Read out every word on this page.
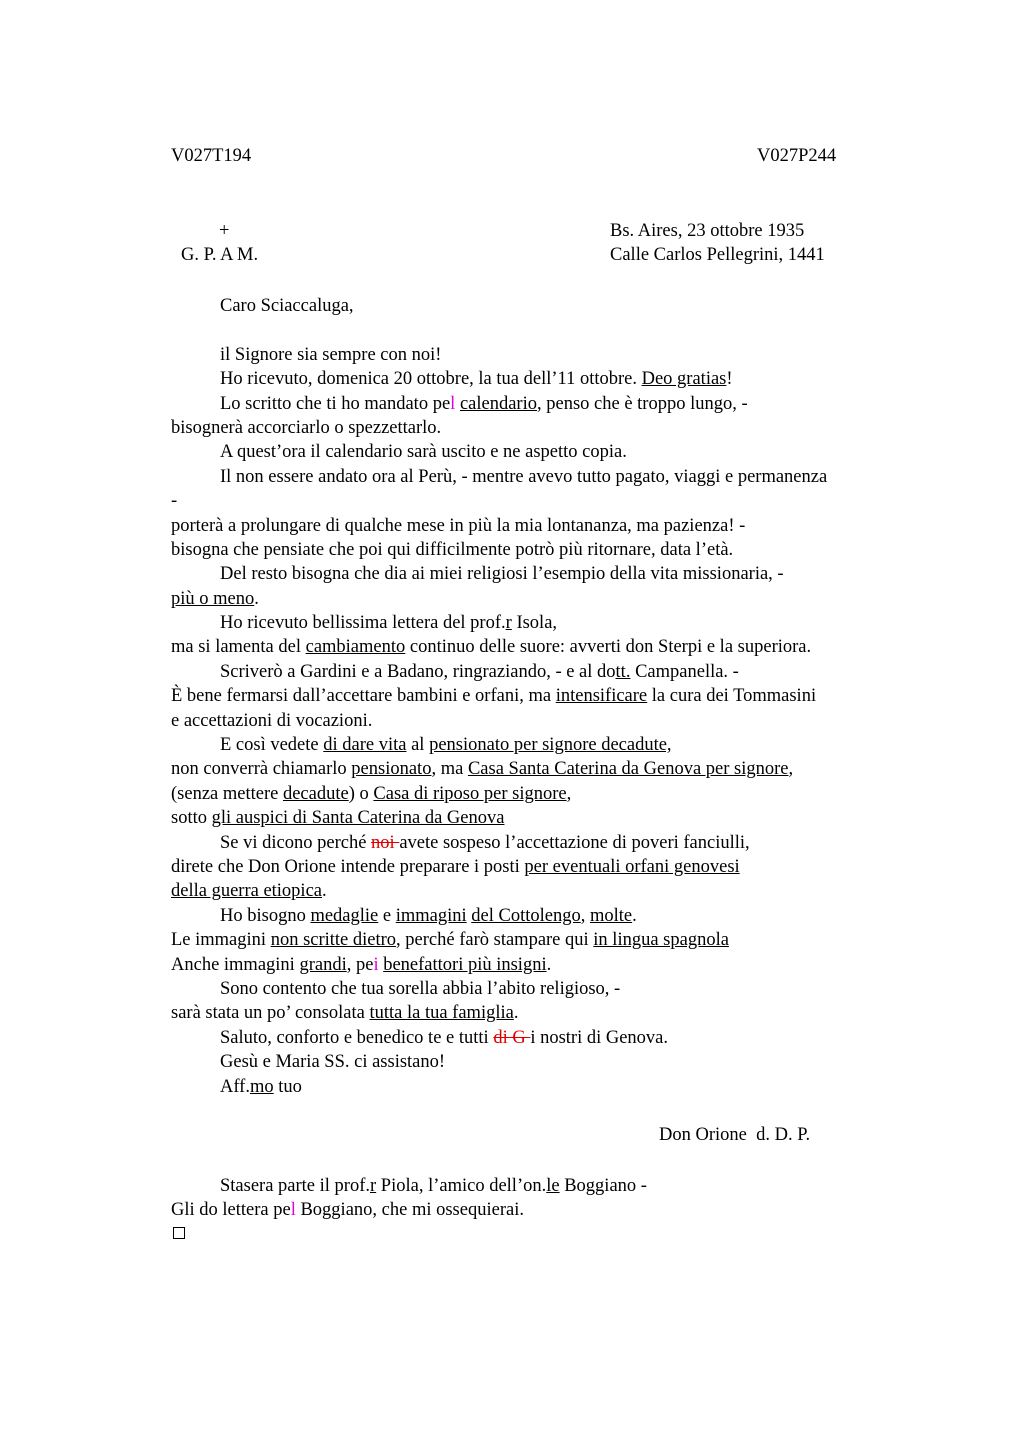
V027T194	V027P244
+
G. P. A M.
Bs. Aires, 23 ottobre 1935
Calle Carlos Pellegrini, 1441
Caro Sciaccaluga,
il Signore sia sempre con noi!
Ho ricevuto, domenica 20 ottobre, la tua dell’11 ottobre. Deo gratias!
Lo scritto che ti ho mandato pel calendario, penso che è troppo lungo, -
bisognerà accorciarlo o spezzettarlo.
A quest’ora il calendario sarà uscito e ne aspetto copia.
Il non essere andato ora al Perù, - mentre avevo tutto pagato, viaggi e permanenza
-
porterà a prolungare di qualche mese in più la mia lontananza, ma pazienza! -
bisogna che pensiate che poi qui difficilmente potrò più ritornare, data l’età.
Del resto bisogna che dia ai miei religiosi l’esempio della vita missionaria, -
più o meno.
Ho ricevuto bellissima lettera del prof.r Isola,
ma si lamenta del cambiamento continuo delle suore: avverti don Sterpi e la superiora.
Scriverò a Gardini e a Badano, ringraziando, - e al dott. Campanella. -
È bene fermarsi dall’accettare bambini e orfani, ma intensificare la cura dei Tommasini
e accettazioni di vocazioni.
E così vedete di dare vita al pensionato per signore decadute,
non converrà chiamarlo pensionato, ma Casa Santa Caterina da Genova per signore,
(senza mettere decadute) o Casa di riposo per signore,
sotto gli auspici di Santa Caterina da Genova
Se vi dicono perché noi avete sospeso l’accettazione di poveri fanciulli,
direte che Don Orione intende preparare i posti per eventuali orfani genovesi
della guerra etiopica.
Ho bisogno medaglie e immagini del Cottolengo, molte.
Le immagini non scritte dietro, perché farò stampare qui in lingua spagnola
Anche immagini grandi, pei benefattori più insigni.
Sono contento che tua sorella abbia l’abito religioso, -
sarà stata un po’ consolata tutta la tua famiglia.
Saluto, conforto e benedico te e tutti di G i nostri di Genova.
Gesù e Maria SS. ci assistano!
Aff.mo tuo
Don Orione  d. D. P.
Stasera parte il prof.r Piola, l’amico dell’on.le Boggiano -
Gli do lettera pel Boggiano, che mi ossequierai.
